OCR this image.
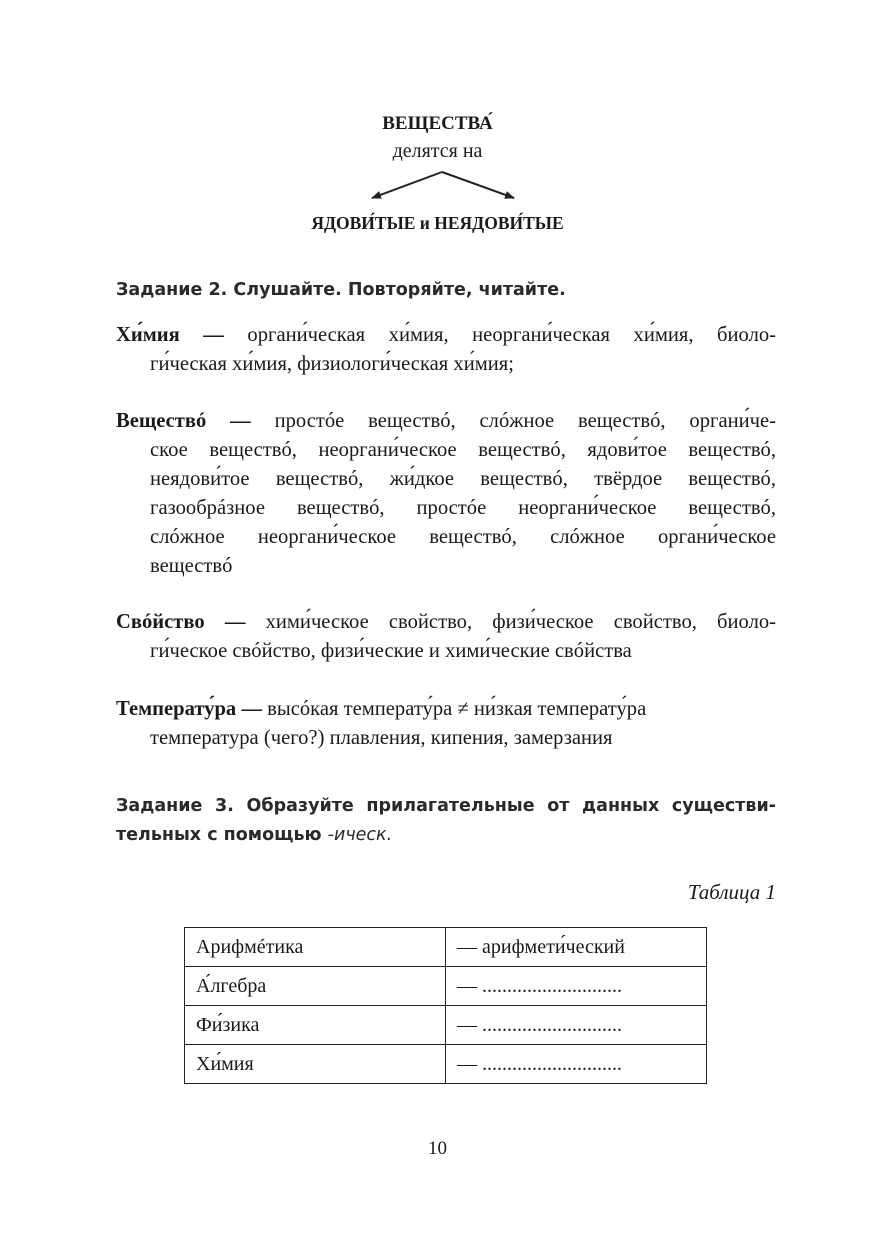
ВЕЩЕСТВА́
делятся на
ЯДОВИ́ТЫЕ и НЕЯДОВИ́ТЫЕ
Задание 2. Слушайте. Повторяйте, читайте.
Хи́мия — органи́ческая хи́мия, неоргани́ческая хи́мия, биоло-
ги́ческая хи́мия, физиологи́ческая хи́мия;
Веществó — простóе веществó, слóжное веществó, органи́че-
ское веществó, неоргани́ческое веществó, ядови́тое веществó,
неядови́тое веществó, жи́дкое веществó, твёрдое веществó,
газообрáзное веществó, простóе неоргани́ческое веществó,
слóжное неоргани́ческое веществó, слóжное органи́ческое
веществó
Свóйство — хими́ческое свойство, физи́ческое свойство, биоло-
ги́ческое свóйство, физи́ческие и хими́ческие свóйства
Температу́ра — высóкая температу́ра ≠ ни́зкая температу́ра
температура (чего?) плавления, кипения, замерзания
Задание 3. Образуйте прилагательные от данных существи-
тельных с помощью -ическ.
Таблица 1
Арифмéтика	— арифмети́ческий
А́лгебра	— ............................
Фи́зика	— ............................
Хи́мия	— ............................
10
